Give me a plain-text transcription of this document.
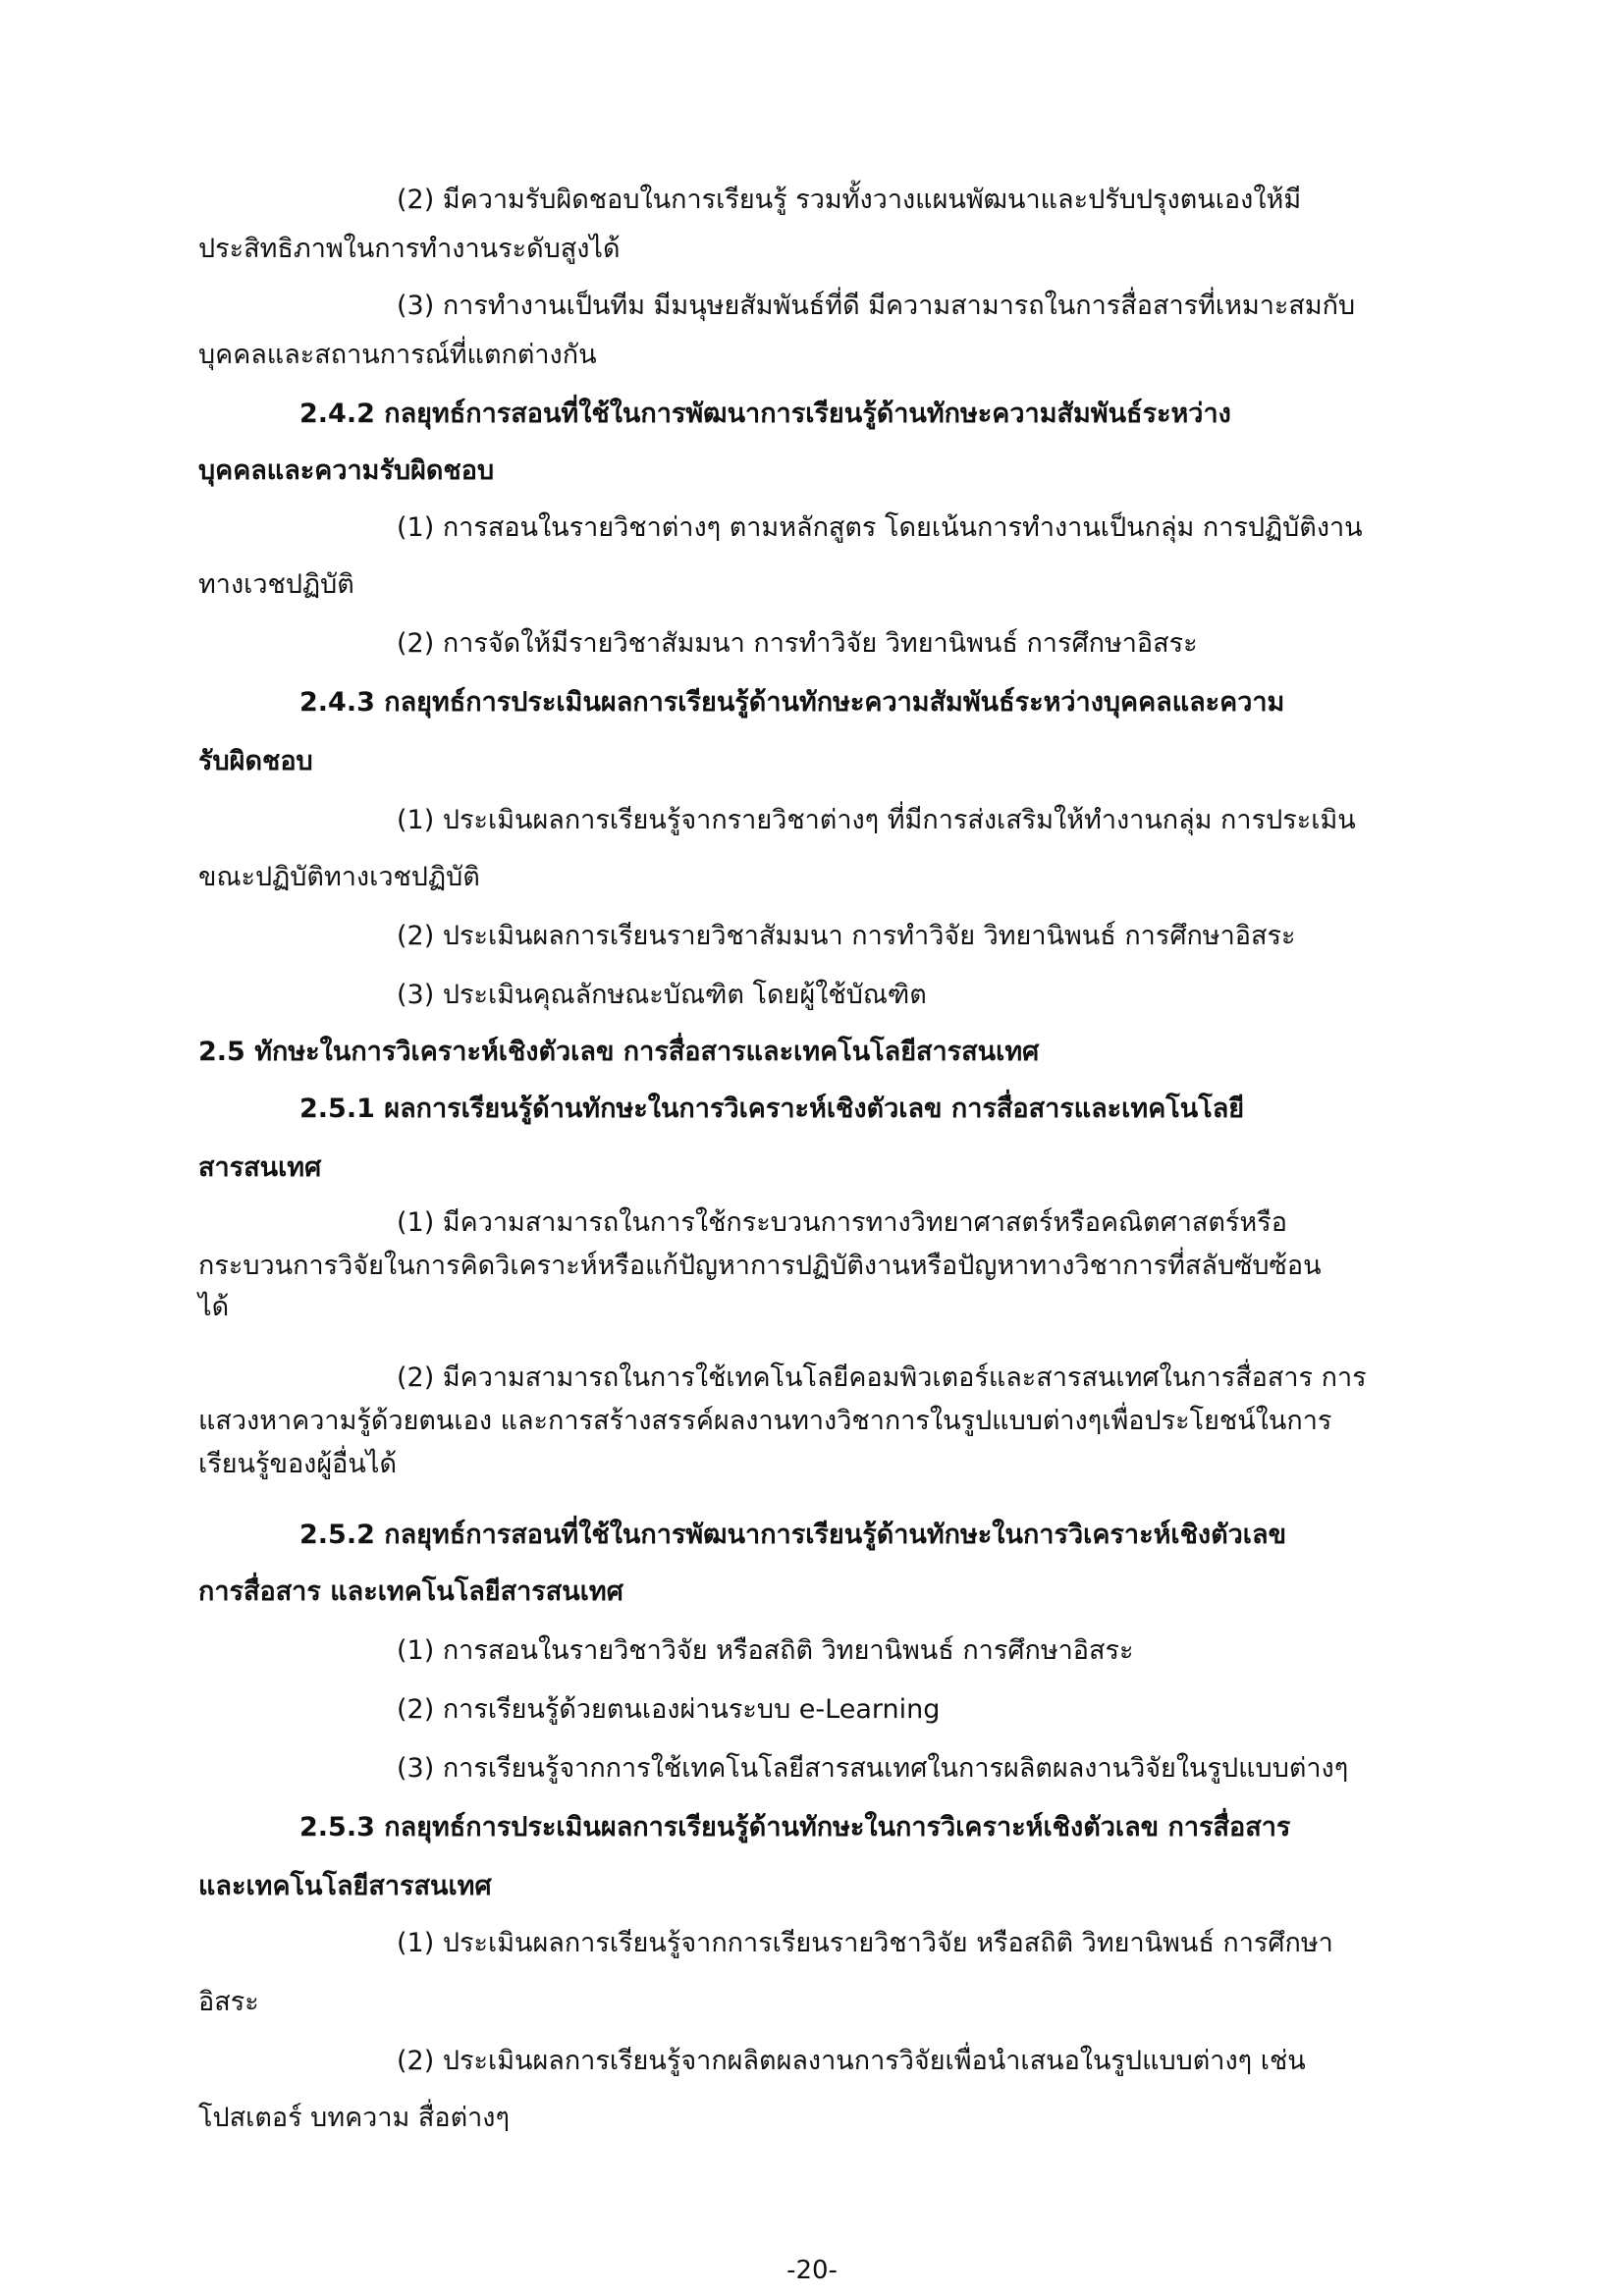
(2) มีความรับผิดชอบในการเรียนรู้ รวมทั้งวางแผนพัฒนาและปรับปรุงตนเองให้มี

ประสิทธิภาพในการทำงานระดับสูงได้

(3) การทำงานเป็นทีม มีมนุษยสัมพันธ์ที่ดี มีความสามารถในการสื่อสารที่เหมาะสมกับ

บุคคลและสถานการณ์ที่แตกต่างกัน

2.4.2 กลยุทธ์การสอนที่ใช้ในการพัฒนาการเรียนรู้ด้านทักษะความสัมพันธ์ระหว่าง

บุคคลและความรับผิดชอบ

(1) การสอนในรายวิชาต่างๆ ตามหลักสูตร โดยเน้นการทำงานเป็นกลุ่ม การปฏิบัติงาน

ทางเวชปฏิบัติ

(2) การจัดให้มีรายวิชาสัมมนา การทำวิจัย วิทยานิพนธ์ การศึกษาอิสระ

2.4.3 กลยุทธ์การประเมินผลการเรียนรู้ด้านทักษะความสัมพันธ์ระหว่างบุคคลและความ

รับผิดชอบ

(1) ประเมินผลการเรียนรู้จากรายวิชาต่างๆ ที่มีการส่งเสริมให้ทำงานกลุ่ม การประเมิน

ขณะปฏิบัติทางเวชปฏิบัติ

(2) ประเมินผลการเรียนรายวิชาสัมมนา การทำวิจัย วิทยานิพนธ์ การศึกษาอิสระ

(3) ประเมินคุณลักษณะบัณฑิต โดยผู้ใช้บัณฑิต

2.5 ทักษะในการวิเคราะห์เชิงตัวเลข การสื่อสารและเทคโนโลยีสารสนเทศ

2.5.1 ผลการเรียนรู้ด้านทักษะในการวิเคราะห์เชิงตัวเลข การสื่อสารและเทคโนโลยี

สารสนเทศ

(1) มีความสามารถในการใช้กระบวนการทางวิทยาศาสตร์หรือคณิตศาสตร์หรือ

กระบวนการวิจัยในการคิดวิเคราะห์หรือแก้ปัญหาการปฏิบัติงานหรือปัญหาทางวิชาการที่สลับซับซ้อน

ได้

(2) มีความสามารถในการใช้เทคโนโลยีคอมพิวเตอร์และสารสนเทศในการสื่อสาร การ

แสวงหาความรู้ด้วยตนเอง และการสร้างสรรค์ผลงานทางวิชาการในรูปแบบต่างๆเพื่อประโยชน์ในการ

เรียนรู้ของผู้อื่นได้

2.5.2 กลยุทธ์การสอนที่ใช้ในการพัฒนาการเรียนรู้ด้านทักษะในการวิเคราะห์เชิงตัวเลข

การสื่อสาร และเทคโนโลยีสารสนเทศ

(1) การสอนในรายวิชาวิจัย หรือสถิติ วิทยานิพนธ์ การศึกษาอิสระ

(2) การเรียนรู้ด้วยตนเองผ่านระบบ e-Learning

(3) การเรียนรู้จากการใช้เทคโนโลยีสารสนเทศในการผลิตผลงานวิจัยในรูปแบบต่างๆ

2.5.3 กลยุทธ์การประเมินผลการเรียนรู้ด้านทักษะในการวิเคราะห์เชิงตัวเลข การสื่อสาร

และเทคโนโลยีสารสนเทศ

(1) ประเมินผลการเรียนรู้จากการเรียนรายวิชาวิจัย หรือสถิติ วิทยานิพนธ์ การศึกษา

อิสระ

(2) ประเมินผลการเรียนรู้จากผลิตผลงานการวิจัยเพื่อนำเสนอในรูปแบบต่างๆ เช่น

โปสเตอร์ บทความ สื่อต่างๆ

-20-
